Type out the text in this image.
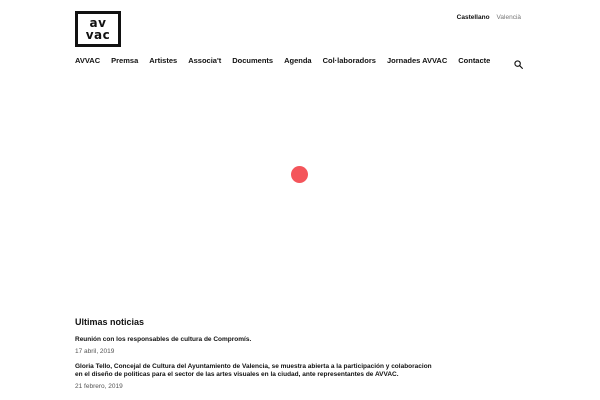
av
vac
Castellano Valencià
AVVAC Premsa Artistes Associa't Documents Agenda Col·laboradors Jornades AVVAC Contacte
Ultimas noticias
Reunión con los responsables de cultura de Compromís.
17 abril, 2019
Gloria Tello, Concejal de Cultura del Ayuntamiento de Valencia, se muestra abierta a la participación y colaboracion en el diseño de politicas para el sector de las artes visuales en la ciudad, ante representantes de AVVAC.
21 febrero, 2019
